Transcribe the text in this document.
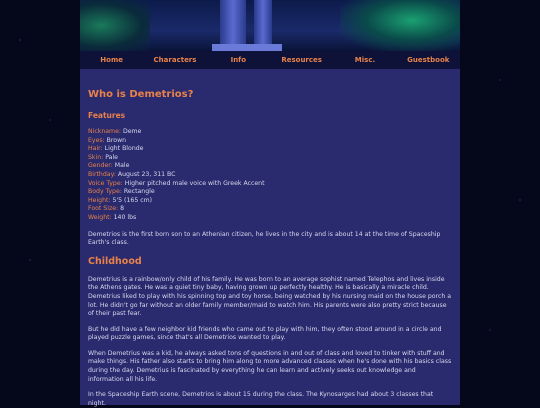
Home	Characters	Info	Resources	Misc.	Guestbook
Who is Demetrios?
Features
Nickname: Deme
Eyes: Brown
Hair: Light Blonde
Skin: Pale
Gender: Male
Birthday: August 23, 311 BC
Voice Type: Higher pitched male voice with Greek Accent
Body Type: Rectangle
Height: 5'5 (165 cm)
Foot Size: 8
Weight: 140 lbs

Demetrios is the first born son to an Athenian citizen, he lives in the city and is about 14 at the time of Spaceship Earth's class.

Childhood

Demetrius is a rainbow/only child of his family. He was born to an average sophist named Telephos and lives inside the Athens gates. He was a quiet tiny baby, having grown up perfectly healthy. He is basically a miracle child. Demetrius liked to play with his spinning top and toy horse, being watched by his nursing maid on the house porch a lot. He didn't go far without an older family member/maid to watch him. His parents were also pretty strict because of their past fear.

But he did have a few neighbor kid friends who came out to play with him, they often stood around in a circle and played puzzle games, since that's all Demetrios wanted to play.

When Demetrius was a kid, he always asked tons of questions in and out of class and loved to tinker with stuff and make things. His father also starts to bring him along to more advanced classes when he's done with his basics class during the day. Demetrius is fascinated by everything he can learn and actively seeks out knowledge and information all his life.

In the Spaceship Earth scene, Demetrios is about 15 during the class. The Kynosarges had about 3 classes that night.
